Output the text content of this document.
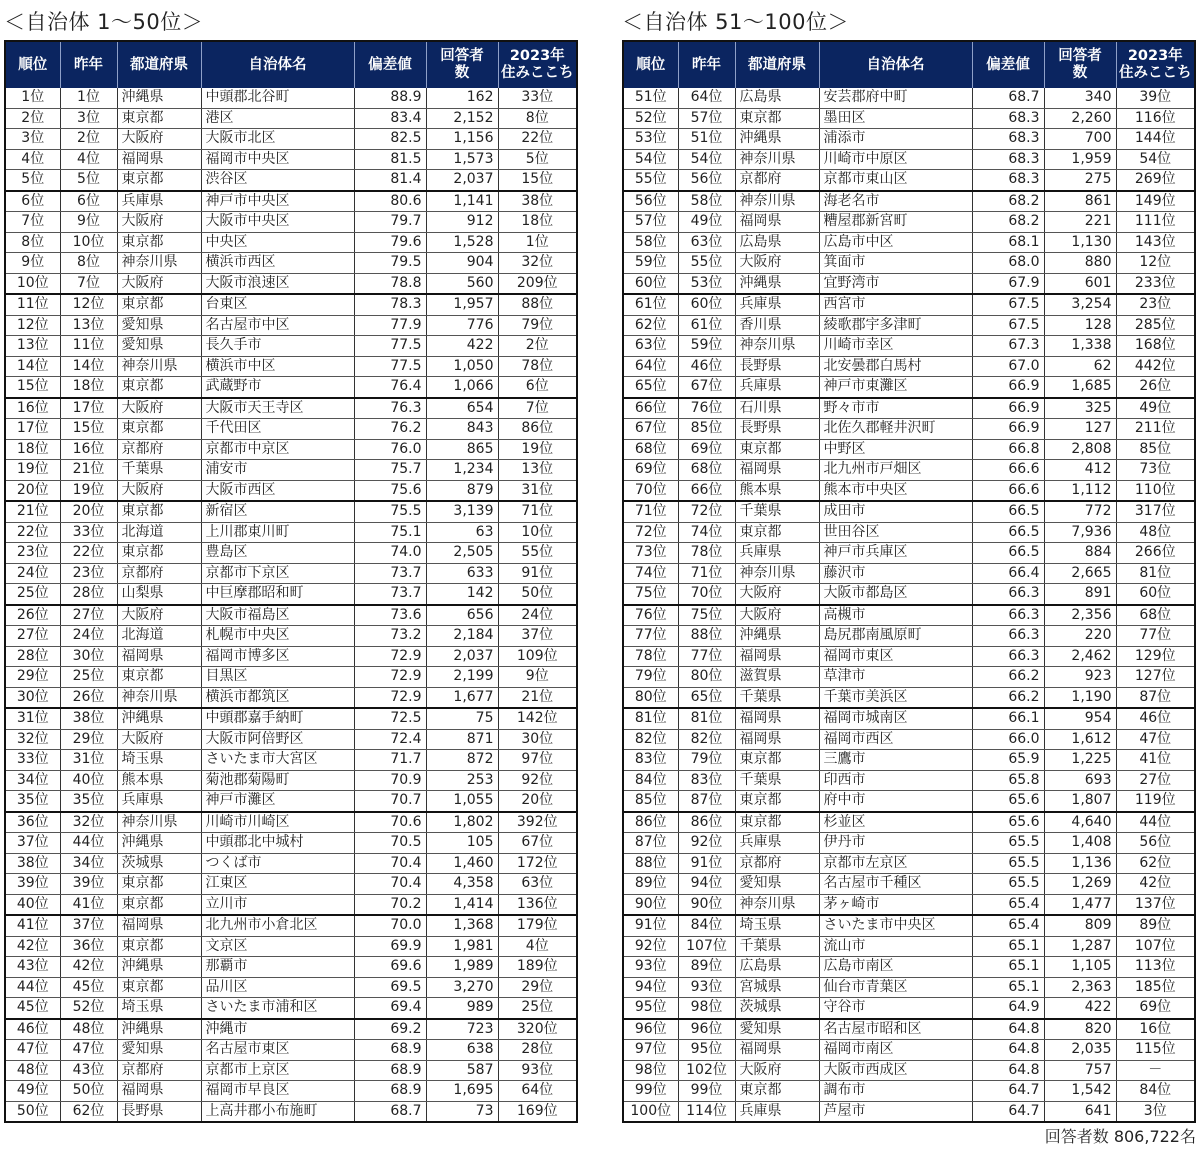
＜自治体 1〜50位＞
順位	昨年	都道府県	自治体名	偏差値	回答者
数	2023年
住みここち
1位	1位	沖縄県	中頭郡北谷町	88.9	162	33位
2位	3位	東京都	港区	83.4	2,152	8位
3位	2位	大阪府	大阪市北区	82.5	1,156	22位
4位	4位	福岡県	福岡市中央区	81.5	1,573	5位
5位	5位	東京都	渋谷区	81.4	2,037	15位
6位	6位	兵庫県	神戸市中央区	80.6	1,141	38位
7位	9位	大阪府	大阪市中央区	79.7	912	18位
8位	10位	東京都	中央区	79.6	1,528	1位
9位	8位	神奈川県	横浜市西区	79.5	904	32位
10位	7位	大阪府	大阪市浪速区	78.8	560	209位
11位	12位	東京都	台東区	78.3	1,957	88位
12位	13位	愛知県	名古屋市中区	77.9	776	79位
13位	11位	愛知県	長久手市	77.5	422	2位
14位	14位	神奈川県	横浜市中区	77.5	1,050	78位
15位	18位	東京都	武蔵野市	76.4	1,066	6位
16位	17位	大阪府	大阪市天王寺区	76.3	654	7位
17位	15位	東京都	千代田区	76.2	843	86位
18位	16位	京都府	京都市中京区	76.0	865	19位
19位	21位	千葉県	浦安市	75.7	1,234	13位
20位	19位	大阪府	大阪市西区	75.6	879	31位
21位	20位	東京都	新宿区	75.5	3,139	71位
22位	33位	北海道	上川郡東川町	75.1	63	10位
23位	22位	東京都	豊島区	74.0	2,505	55位
24位	23位	京都府	京都市下京区	73.7	633	91位
25位	28位	山梨県	中巨摩郡昭和町	73.7	142	50位
26位	27位	大阪府	大阪市福島区	73.6	656	24位
27位	24位	北海道	札幌市中央区	73.2	2,184	37位
28位	30位	福岡県	福岡市博多区	72.9	2,037	109位
29位	25位	東京都	目黒区	72.9	2,199	9位
30位	26位	神奈川県	横浜市都筑区	72.9	1,677	21位
31位	38位	沖縄県	中頭郡嘉手納町	72.5	75	142位
32位	29位	大阪府	大阪市阿倍野区	72.4	871	30位
33位	31位	埼玉県	さいたま市大宮区	71.7	872	97位
34位	40位	熊本県	菊池郡菊陽町	70.9	253	92位
35位	35位	兵庫県	神戸市灘区	70.7	1,055	20位
36位	32位	神奈川県	川崎市川崎区	70.6	1,802	392位
37位	44位	沖縄県	中頭郡北中城村	70.5	105	67位
38位	34位	茨城県	つくば市	70.4	1,460	172位
39位	39位	東京都	江東区	70.4	4,358	63位
40位	41位	東京都	立川市	70.2	1,414	136位
41位	37位	福岡県	北九州市小倉北区	70.0	1,368	179位
42位	36位	東京都	文京区	69.9	1,981	4位
43位	42位	沖縄県	那覇市	69.6	1,989	189位
44位	45位	東京都	品川区	69.5	3,270	29位
45位	52位	埼玉県	さいたま市浦和区	69.4	989	25位
46位	48位	沖縄県	沖縄市	69.2	723	320位
47位	47位	愛知県	名古屋市東区	68.9	638	28位
48位	43位	京都府	京都市上京区	68.9	587	93位
49位	50位	福岡県	福岡市早良区	68.9	1,695	64位
50位	62位	長野県	上高井郡小布施町	68.7	73	169位
＜自治体 51〜100位＞
順位	昨年	都道府県	自治体名	偏差値	回答者
数	2023年
住みここち
51位	64位	広島県	安芸郡府中町	68.7	340	39位
52位	57位	東京都	墨田区	68.3	2,260	116位
53位	51位	沖縄県	浦添市	68.3	700	144位
54位	54位	神奈川県	川崎市中原区	68.3	1,959	54位
55位	56位	京都府	京都市東山区	68.3	275	269位
56位	58位	神奈川県	海老名市	68.2	861	149位
57位	49位	福岡県	糟屋郡新宮町	68.2	221	111位
58位	63位	広島県	広島市中区	68.1	1,130	143位
59位	55位	大阪府	箕面市	68.0	880	12位
60位	53位	沖縄県	宜野湾市	67.9	601	233位
61位	60位	兵庫県	西宮市	67.5	3,254	23位
62位	61位	香川県	綾歌郡宇多津町	67.5	128	285位
63位	59位	神奈川県	川崎市幸区	67.3	1,338	168位
64位	46位	長野県	北安曇郡白馬村	67.0	62	442位
65位	67位	兵庫県	神戸市東灘区	66.9	1,685	26位
66位	76位	石川県	野々市市	66.9	325	49位
67位	85位	長野県	北佐久郡軽井沢町	66.9	127	211位
68位	69位	東京都	中野区	66.8	2,808	85位
69位	68位	福岡県	北九州市戸畑区	66.6	412	73位
70位	66位	熊本県	熊本市中央区	66.6	1,112	110位
71位	72位	千葉県	成田市	66.5	772	317位
72位	74位	東京都	世田谷区	66.5	7,936	48位
73位	78位	兵庫県	神戸市兵庫区	66.5	884	266位
74位	71位	神奈川県	藤沢市	66.4	2,665	81位
75位	70位	大阪府	大阪市都島区	66.3	891	60位
76位	75位	大阪府	高槻市	66.3	2,356	68位
77位	88位	沖縄県	島尻郡南風原町	66.3	220	77位
78位	77位	福岡県	福岡市東区	66.3	2,462	129位
79位	80位	滋賀県	草津市	66.2	923	127位
80位	65位	千葉県	千葉市美浜区	66.2	1,190	87位
81位	81位	福岡県	福岡市城南区	66.1	954	46位
82位	82位	福岡県	福岡市西区	66.0	1,612	47位
83位	79位	東京都	三鷹市	65.9	1,225	41位
84位	83位	千葉県	印西市	65.8	693	27位
85位	87位	東京都	府中市	65.6	1,807	119位
86位	86位	東京都	杉並区	65.6	4,640	44位
87位	92位	兵庫県	伊丹市	65.5	1,408	56位
88位	91位	京都府	京都市左京区	65.5	1,136	62位
89位	94位	愛知県	名古屋市千種区	65.5	1,269	42位
90位	90位	神奈川県	茅ヶ崎市	65.4	1,477	137位
91位	84位	埼玉県	さいたま市中央区	65.4	809	89位
92位	107位	千葉県	流山市	65.1	1,287	107位
93位	89位	広島県	広島市南区	65.1	1,105	113位
94位	93位	宮城県	仙台市青葉区	65.1	2,363	185位
95位	98位	茨城県	守谷市	64.9	422	69位
96位	96位	愛知県	名古屋市昭和区	64.8	820	16位
97位	95位	福岡県	福岡市南区	64.8	2,035	115位
98位	102位	大阪府	大阪市西成区	64.8	757	－
99位	99位	東京都	調布市	64.7	1,542	84位
100位	114位	兵庫県	芦屋市	64.7	641	3位
回答者数 806,722名
